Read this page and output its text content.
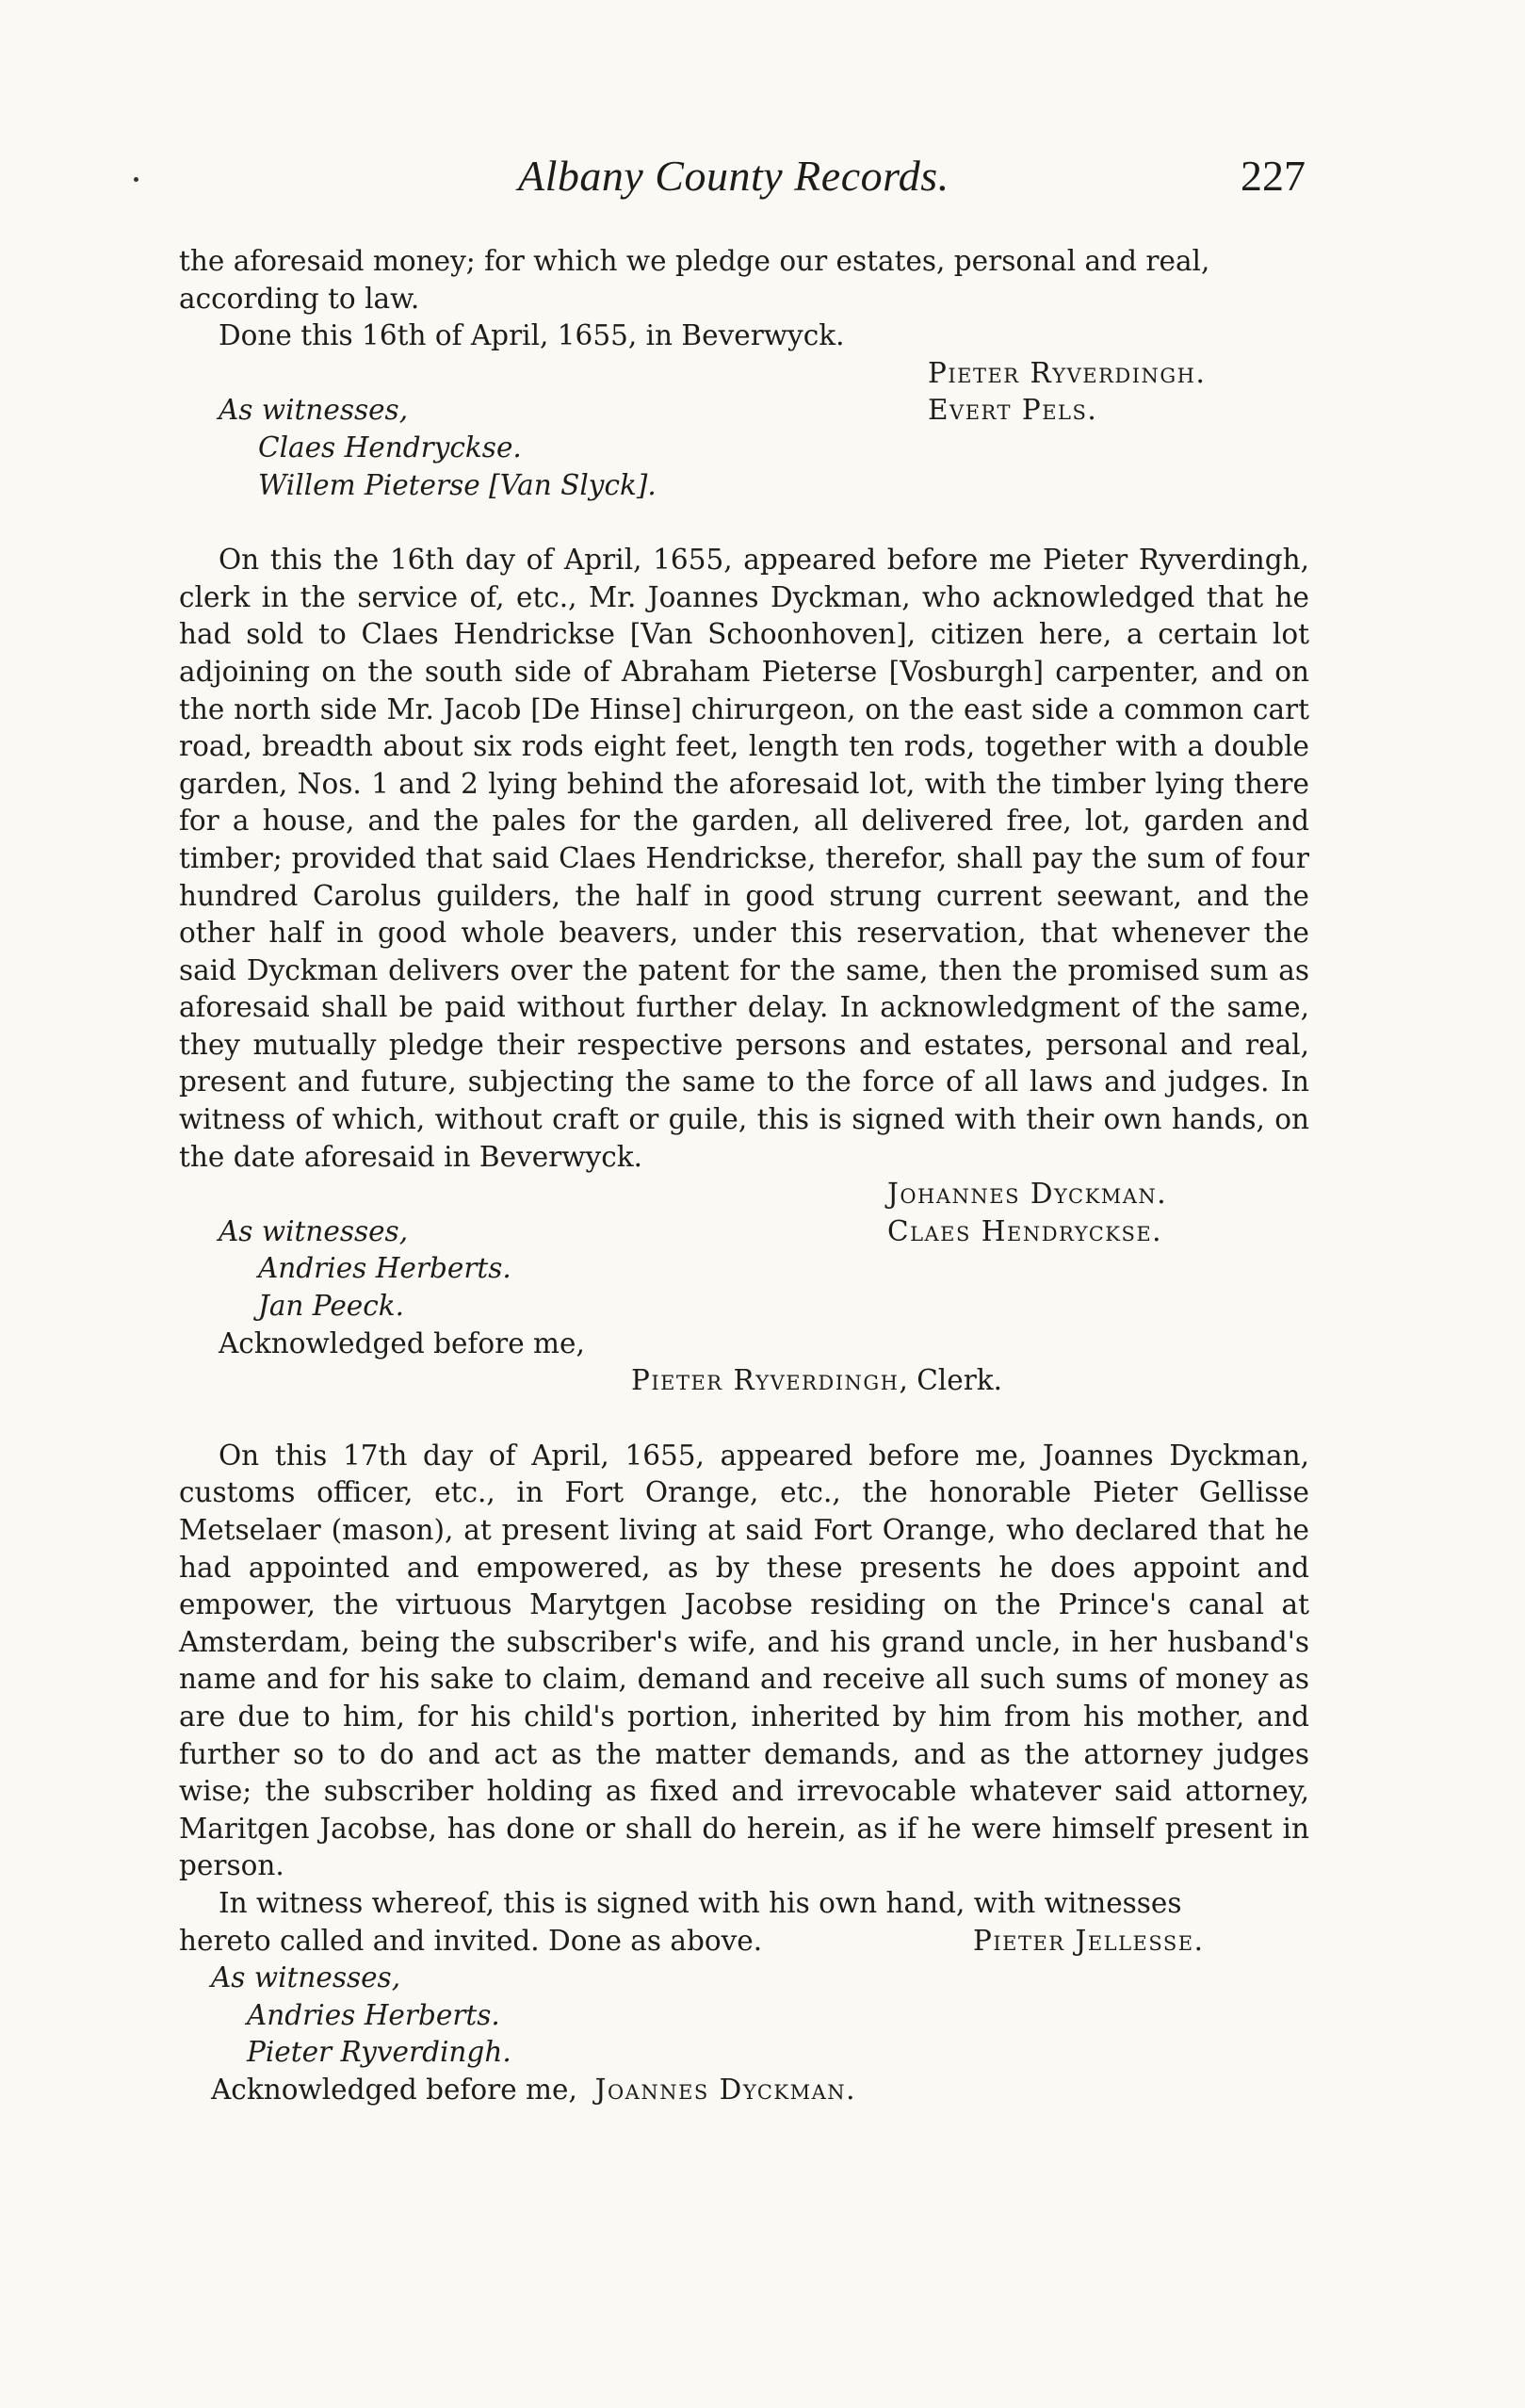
Albany County Records.	227
the aforesaid money; for which we pledge our estates, personal and real,
according to law.
Done this 16th of April, 1655, in Beverwyck.
Pieter Ryverdingh.
As witnesses,	Evert Pels.
Claes Hendryckse.
Willem Pieterse [Van Slyck].

On this the 16th day of April, 1655, appeared before me Pieter Ryverdingh, clerk in the service of, etc., Mr. Joannes Dyckman, who acknowledged that he had sold to Claes Hendrickse [Van Schoonhoven], citizen here, a certain lot adjoining on the south side of Abraham Pieterse [Vosburgh] carpenter, and on the north side Mr. Jacob [De Hinse] chirurgeon, on the east side a common cart road, breadth about six rods eight feet, length ten rods, together with a double garden, Nos. 1 and 2 lying behind the aforesaid lot, with the timber lying there for a house, and the pales for the garden, all delivered free, lot, garden and timber; provided that said Claes Hendrickse, therefor, shall pay the sum of four hundred Carolus guilders, the half in good strung current seewant, and the other half in good whole beavers, under this reservation, that whenever the said Dyckman delivers over the patent for the same, then the promised sum as aforesaid shall be paid without further delay. In acknowledgment of the same, they mutually pledge their respective persons and estates, personal and real, present and future, subjecting the same to the force of all laws and judges. In witness of which, without craft or guile, this is signed with their own hands, on the date aforesaid in Beverwyck.

Johannes Dyckman.
As witnesses,	Claes Hendryckse.
Andries Herberts.
Jan Peeck.
Acknowledged before me,
Pieter Ryverdingh, Clerk.

On this 17th day of April, 1655, appeared before me, Joannes Dyckman, customs officer, etc., in Fort Orange, etc., the honorable Pieter Gellisse Metselaer (mason), at present living at said Fort Orange, who declared that he had appointed and empowered, as by these presents he does appoint and empower, the virtuous Marytgen Jacobse residing on the Prince's canal at Amsterdam, being the subscriber's wife, and his grand uncle, in her husband's name and for his sake to claim, demand and receive all such sums of money as are due to him, for his child's portion, inherited by him from his mother, and further so to do and act as the matter demands, and as the attorney judges wise; the subscriber holding as fixed and irrevocable whatever said attorney, Maritgen Jacobse, has done or shall do herein, as if he were himself present in person.

In witness whereof, this is signed with his own hand, with witnesses
hereto called and invited. Done as above.	Pieter Jellesse.
As witnesses,
Andries Herberts.
Pieter Ryverdingh.
Acknowledged before me, Joannes Dyckman.
